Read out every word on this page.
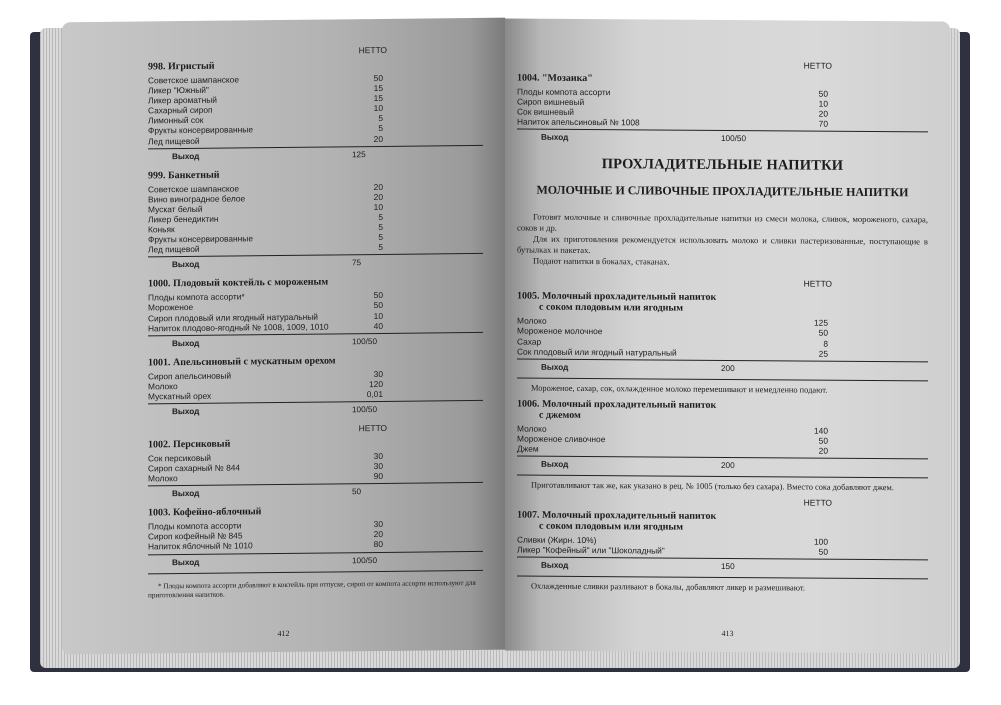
НЕТТО
998. Игристый
Советское шампанское	50
Ликер "Южный"	15
Ликер ароматный	15
Сахарный сироп	10
Лимонный сок	5
Фрукты консервированные	5
Лед пищевой	20
Выход	125
999. Банкетный
Советское шампанское	20
Вино виноградное белое	20
Мускат белый	10
Ликер бенедиктин	5
Коньяк	5
Фрукты консервированные	5
Лед пищевой	5
Выход	75
1000. Плодовый коктейль с мороженым
Плоды компота ассорти*	50
Мороженое	50
Сироп плодовый или ягодный натуральный	10
Напиток плодово-ягодный № 1008, 1009, 1010	40
Выход	100/50
1001. Апельсиновый с мускатным орехом
Сироп апельсиновый	30
Молоко	120
Мускатный орех	0,01
Выход	100/50
НЕТТО
1002. Персиковый
Сок персиковый	30
Сироп сахарный № 844	30
Молоко	90
Выход	50
1003. Кофейно-яблочный
Плоды компота ассорти	30
Сироп кофейный № 845	20
Напиток яблочный № 1010	80
Выход	100/50
* Плоды компота ассорти добавляют в коктейль при отпуске, сироп от компота ассорти используют для приготовления напитков.
412
НЕТТО
1004. "Мозаика"
Плоды компота ассорти	50
Сироп вишневый	10
Сок вишневый	20
Напиток апельсиновый № 1008	70
Выход	100/50
ПРОХЛАДИТЕЛЬНЫЕ НАПИТКИ
МОЛОЧНЫЕ И СЛИВОЧНЫЕ ПРОХЛАДИТЕЛЬНЫЕ НАПИТКИ

Готовят молочные и сливочные прохладительные напитки из смеси молока, сливок, мороженого, сахара, соков и др.

Для их приготовления рекомендуется использовать молоко и сливки пастеризованные, поступающие в бутылках и пакетах.

Подают напитки в бокалах, стаканах.

НЕТТО
1005. Молочный прохладительный напиток
с соком плодовым или ягодным
Молоко	125
Мороженое молочное	50
Сахар	8
Сок плодовый или ягодный натуральный	25
Выход	200

Мороженое, сахар, сок, охлажденное молоко перемешивают и немедленно подают.

1006. Молочный прохладительный напиток
с джемом
Молоко	140
Мороженое сливочное	50
Джем	20
Выход	200

Приготавливают так же, как указано в рец. № 1005 (только без сахара). Вместо сока добавляют джем.

НЕТТО
1007. Молочный прохладительный напиток
с соком плодовым или ягодным
Сливки (Жирн. 10%)	100
Ликер "Кофейный" или "Шоколадный"	50
Выход	150

Охлажденные сливки разливают в бокалы, добавляют ликер и размешивают.

413
